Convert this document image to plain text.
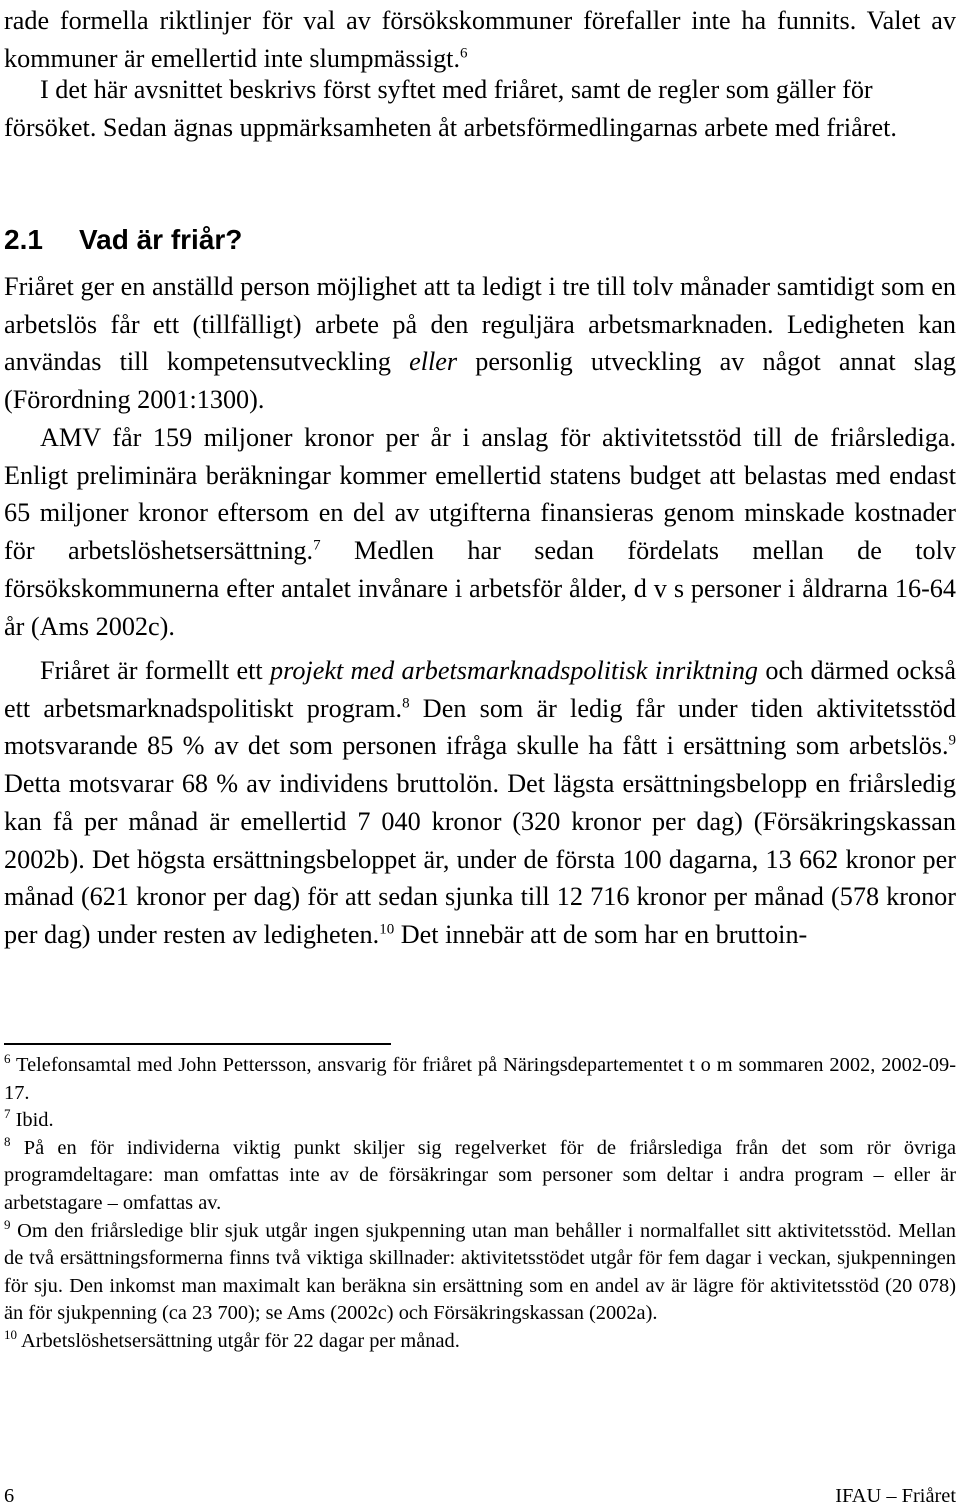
rade formella riktlinjer för val av försökskommuner förefaller inte ha funnits. Valet av kommuner är emellertid inte slumpmässigt.$^6$

I det här avsnittet beskrivs först syftet med friåret, samt de regler som gäller för försöket. Sedan ägnas uppmärksamheten åt arbetsförmedlingarnas arbete med friåret.

2.1 Vad är friår?

Friåret ger en anställd person möjlighet att ta ledigt i tre till tolv månader samtidigt som en arbetslös får ett (tillfälligt) arbete på den reguljära arbetsmarknaden. Ledigheten kan användas till kompetensutveckling eller personlig utveckling av något annat slag (Förordning 2001:1300).

AMV får 159 miljoner kronor per år i anslag för aktivitetsstöd till de friårslediga. Enligt preliminära beräkningar kommer emellertid statens budget att belastas med endast 65 miljoner kronor eftersom en del av utgifterna finansieras genom minskade kostnader för arbetslöshetsersättning.$^7$ Medlen har sedan fördelats mellan de tolv försökskommunerna efter antalet invånare i arbetsför ålder, d v s personer i åldrarna 16-64 år (Ams 2002c).

Friåret är formellt ett projekt med arbetsmarknadspolitisk inriktning och därmed också ett arbetsmarknadspolitiskt program.$^8$ Den som är ledig får under tiden aktivitetsstöd motsvarande 85 % av det som personen ifråga skulle ha fått i ersättning som arbetslös.$^9$ Detta motsvarar 68 % av individens bruttolön. Det lägsta ersättningsbelopp en friårsledig kan få per månad är emellertid 7 040 kronor (320 kronor per dag) (Försäkringskassan 2002b). Det högsta ersättningsbeloppet är, under de första 100 dagarna, 13 662 kronor per månad (621 kronor per dag) för att sedan sjunka till 12 716 kronor per månad (578 kronor per dag) under resten av ledigheten.$^{10}$ Det innebär att de som har en bruttoin-

$^6$ Telefonsamtal med John Pettersson, ansvarig för friåret på Näringsdepartementet t o m sommaren 2002, 2002-09-17.

$^7$ Ibid.

$^8$ På en för individerna viktig punkt skiljer sig regelverket för de friårslediga från det som rör övriga programdeltagare: man omfattas inte av de försäkringar som personer som deltar i andra program – eller är arbetstagare – omfattas av.

$^9$ Om den friårsledige blir sjuk utgår ingen sjukpenning utan man behåller i normalfallet sitt aktivitetsstöd. Mellan de två ersättningsformerna finns två viktiga skillnader: aktivitetsstödet utgår för fem dagar i veckan, sjukpenningen för sju. Den inkomst man maximalt kan beräkna sin ersättning som en andel av är lägre för aktivitetsstöd (20 078) än för sjukpenning (ca 23 700); se Ams (2002c) och Försäkringskassan (2002a).

$^{10}$ Arbetslöshetsersättning utgår för 22 dagar per månad.

6	IFAU – Friåret
